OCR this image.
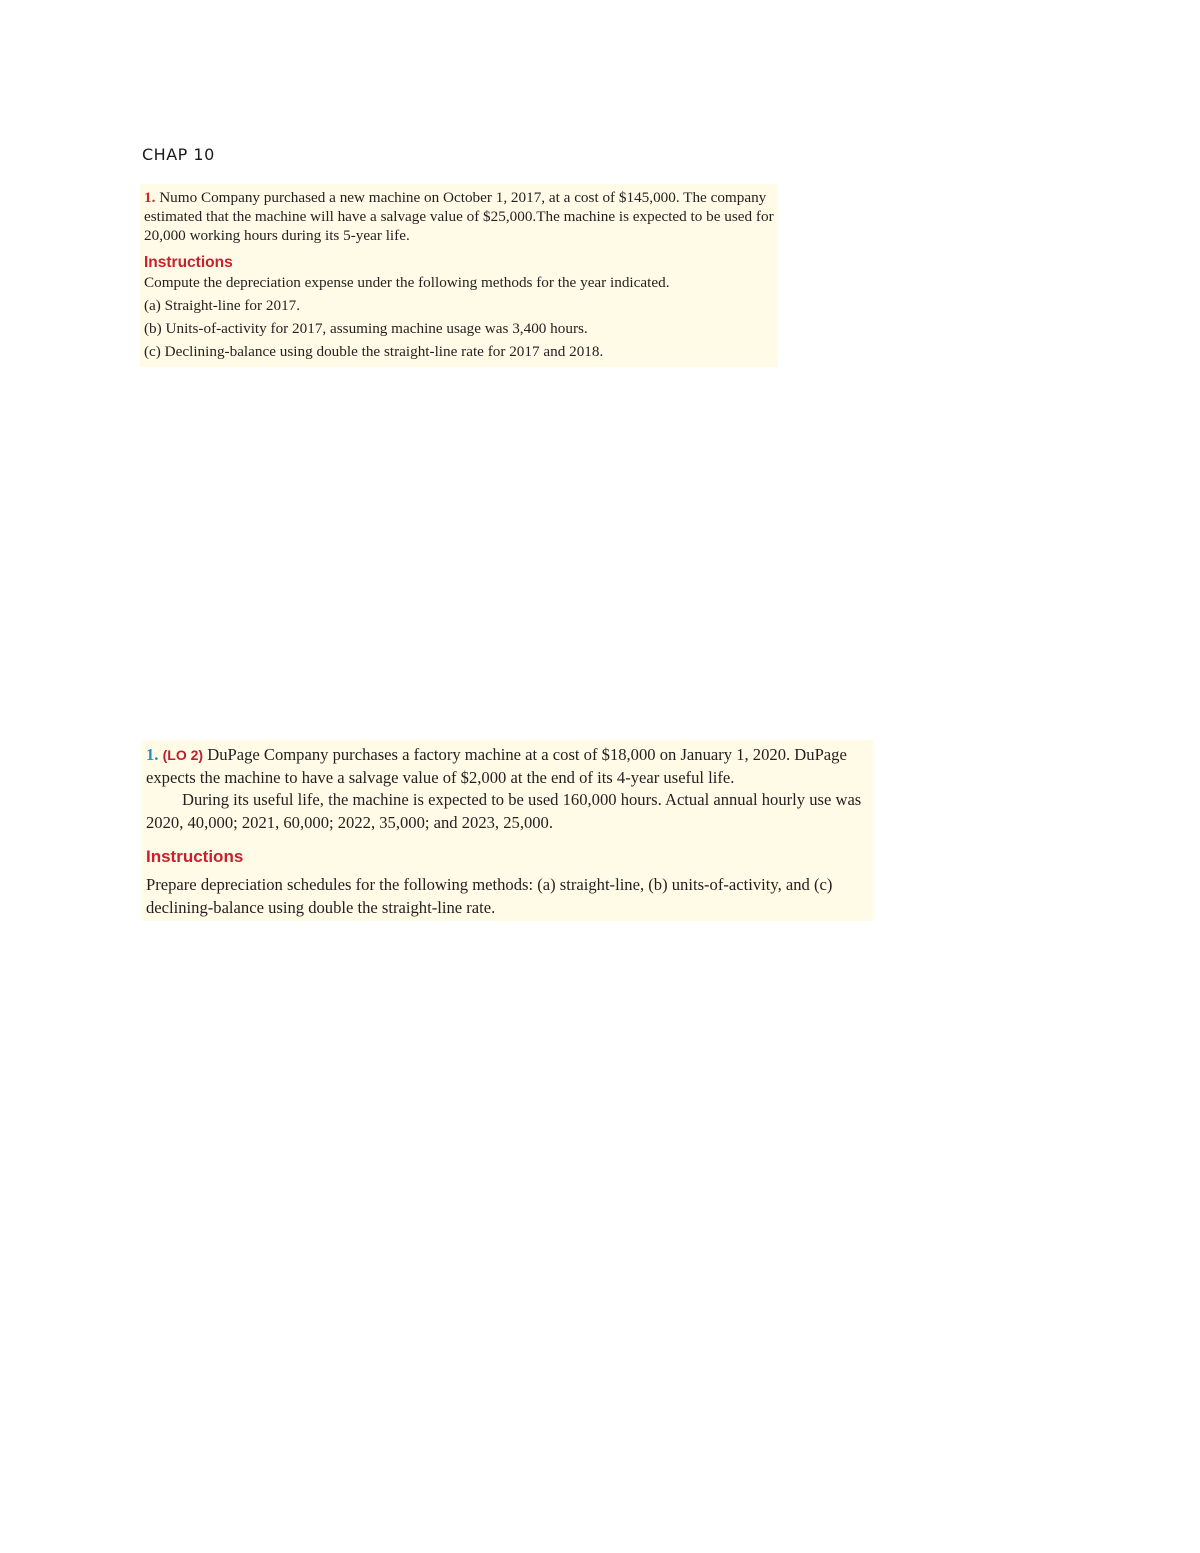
CHAP 10

1. Numo Company purchased a new machine on October 1, 2017, at a cost of $145,000. The company estimated that the machine will have a salvage value of $25,000.The machine is expected to be used for 20,000 working hours during its 5-year life.

Instructions

Compute the depreciation expense under the following methods for the year indicated.

(a) Straight-line for 2017.

(b) Units-of-activity for 2017, assuming machine usage was 3,400 hours.

(c) Declining-balance using double the straight-line rate for 2017 and 2018.

1. (LO 2) DuPage Company purchases a factory machine at a cost of $18,000 on January 1, 2020. DuPage expects the machine to have a salvage value of $2,000 at the end of its 4-year useful life.

During its useful life, the machine is expected to be used 160,000 hours. Actual annual hourly use was 2020, 40,000; 2021, 60,000; 2022, 35,000; and 2023, 25,000.

Instructions

Prepare depreciation schedules for the following methods: (a) straight-line, (b) units-of-activity, and (c) declining-balance using double the straight-line rate.
